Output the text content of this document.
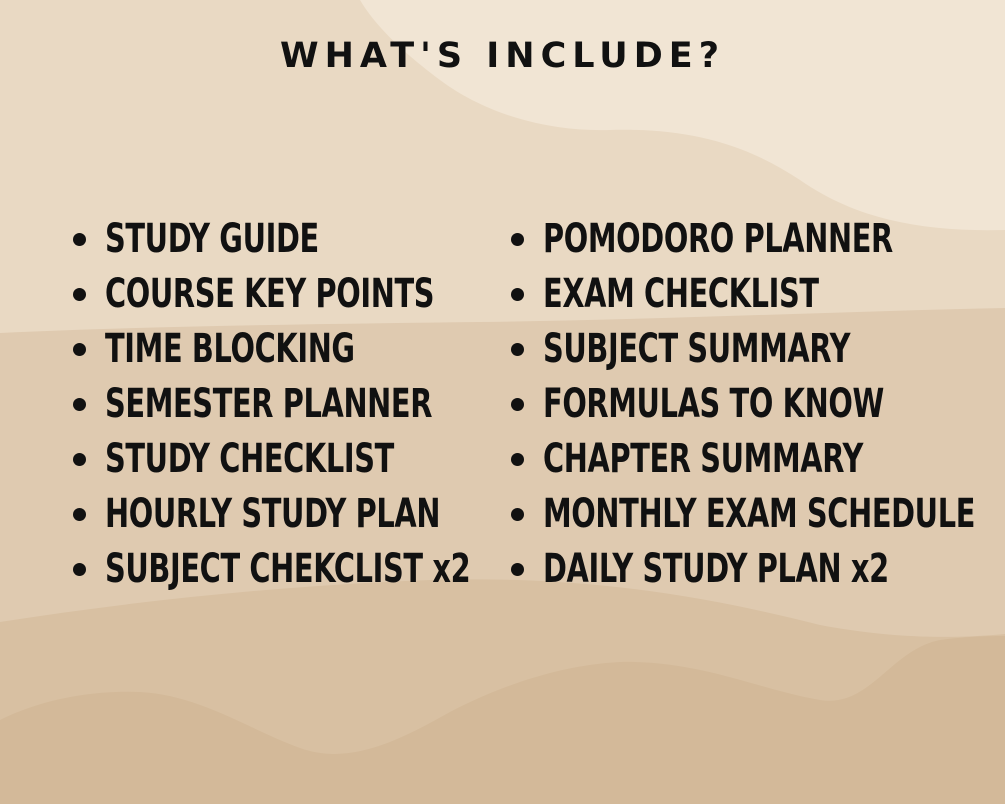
WHAT'S INCLUDE?
STUDY GUIDE
COURSE KEY POINTS
TIME BLOCKING
SEMESTER PLANNER
STUDY CHECKLIST
HOURLY STUDY PLAN
SUBJECT CHEKCLIST x2
POMODORO PLANNER
EXAM CHECKLIST
SUBJECT SUMMARY
FORMULAS TO KNOW
CHAPTER SUMMARY
MONTHLY EXAM SCHEDULE
DAILY STUDY PLAN x2
